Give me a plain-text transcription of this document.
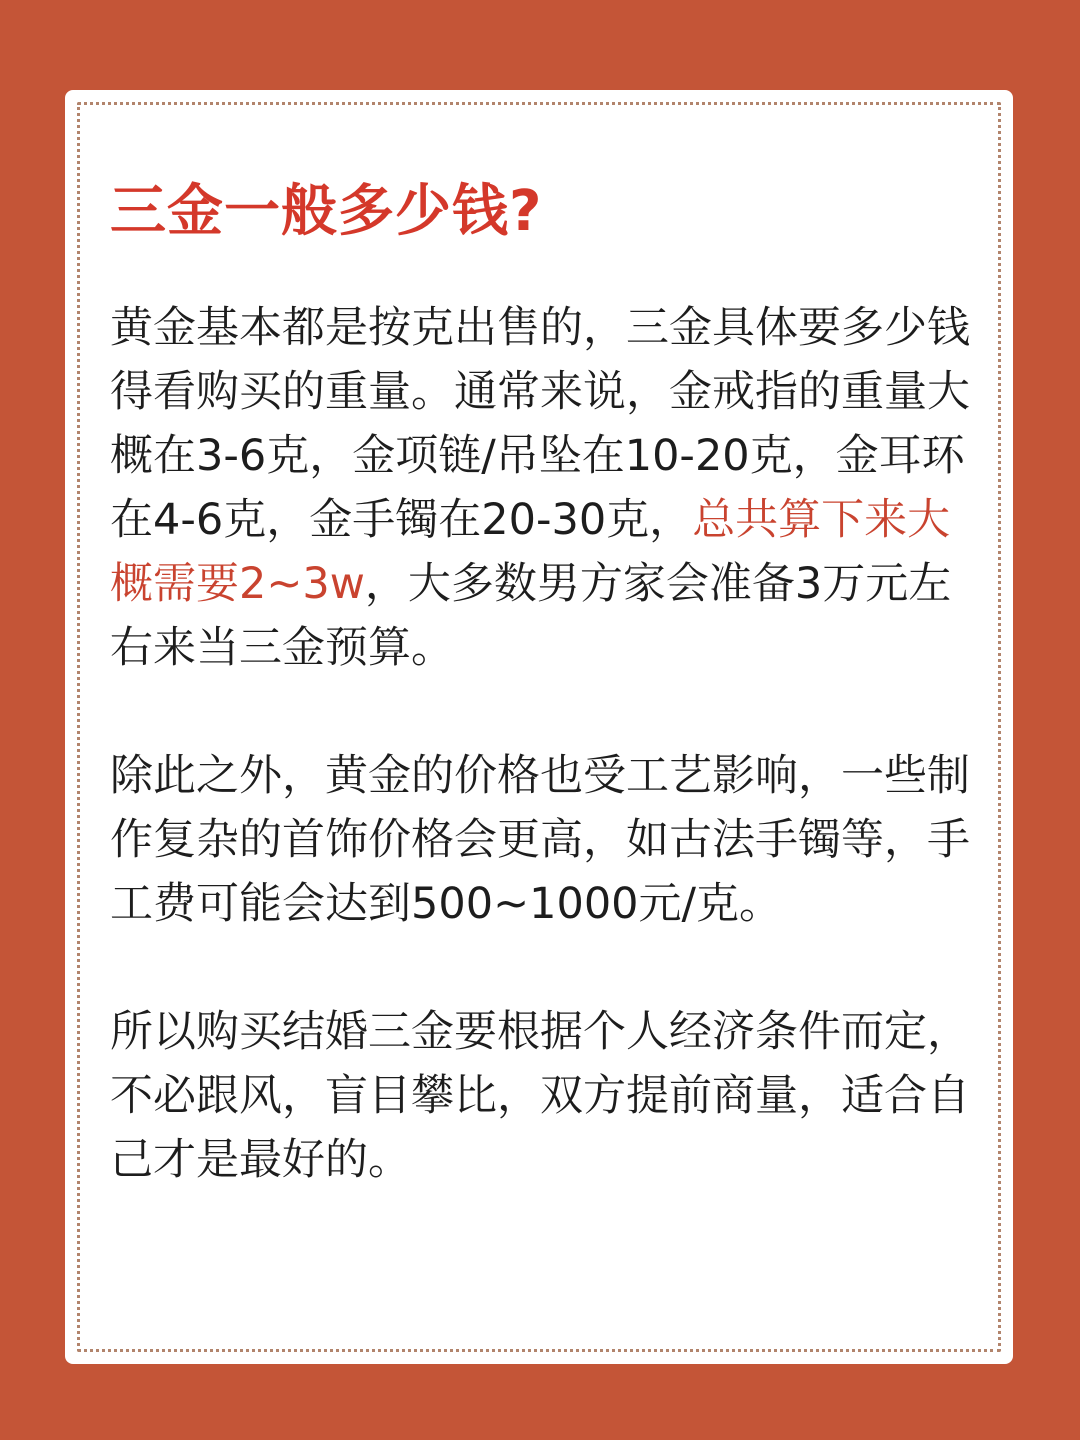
三金一般多少钱?

黄金基本都是按克出售的，三金具体要多少钱得看购买的重量。通常来说，金戒指的重量大概在3-6克，金项链/吊坠在10-20克，金耳环在4-6克，金手镯在20-30克，总共算下来大概需要2~3w，大多数男方家会准备3万元左右来当三金预算。

除此之外，黄金的价格也受工艺影响，一些制作复杂的首饰价格会更高，如古法手镯等，手工费可能会达到500~1000元/克。

所以购买结婚三金要根据个人经济条件而定，不必跟风，盲目攀比，双方提前商量，适合自己才是最好的。
